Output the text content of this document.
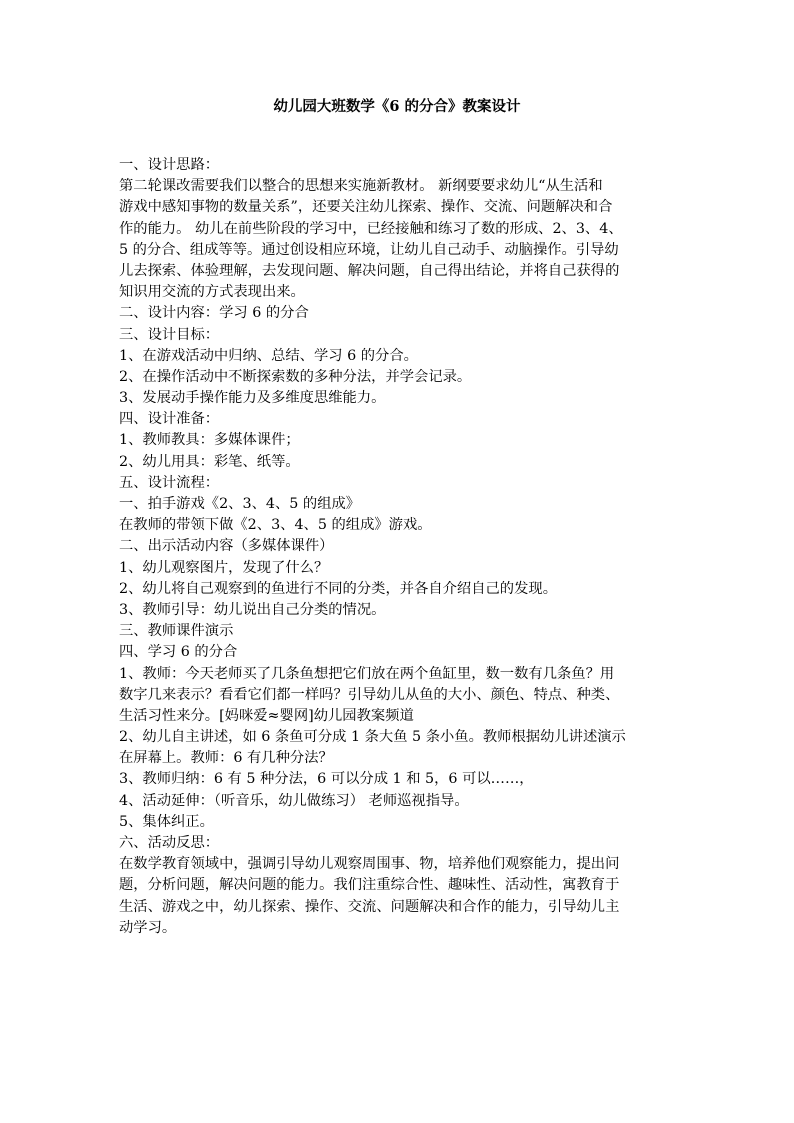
幼儿园大班数学《6 的分合》教案设计
一、设计思路：
第二轮课改需要我们以整合的思想来实施新教材。 新纲要要求幼儿“从生活和
游戏中感知事物的数量关系”，还要关注幼儿探索、操作、交流、问题解决和合
作的能力。 幼儿在前些阶段的学习中，已经接触和练习了数的形成、2、3、4、
5 的分合、组成等等。通过创设相应环境，让幼儿自己动手、动脑操作。引导幼
儿去探索、体验理解，去发现问题、解决问题，自己得出结论，并将自己获得的
知识用交流的方式表现出来。
二、设计内容：学习 6 的分合
三、设计目标：
1、在游戏活动中归纳、总结、学习 6 的分合。
2、在操作活动中不断探索数的多种分法，并学会记录。
3、发展动手操作能力及多维度思维能力。
四、设计准备：
1、教师教具：多媒体课件；
2、幼儿用具：彩笔、纸等。
五、设计流程：
一、拍手游戏《2、3、4、5 的组成》
在教师的带领下做《2、3、4、5 的组成》游戏。
二、出示活动内容（多媒体课件）
1、幼儿观察图片，发现了什么？
2、幼儿将自己观察到的鱼进行不同的分类，并各自介绍自己的发现。
3、教师引导：幼儿说出自己分类的情况。
三、教师课件演示
四、学习 6 的分合
1、教师：今天老师买了几条鱼想把它们放在两个鱼缸里，数一数有几条鱼？用
数字几来表示？看看它们都一样吗？引导幼儿从鱼的大小、颜色、特点、种类、
生活习性来分。[妈咪爱≈婴网]幼儿园教案频道
2、幼儿自主讲述，如 6 条鱼可分成 1 条大鱼 5 条小鱼。教师根据幼儿讲述演示
在屏幕上。教师：6 有几种分法？
3、教师归纳：6 有 5 种分法，6 可以分成 1 和 5，6 可以……，
4、活动延伸：（听音乐，幼儿做练习） 老师巡视指导。
5、集体纠正。
六、活动反思：
在数学教育领域中，强调引导幼儿观察周围事、物，培养他们观察能力，提出问
题，分析问题，解决问题的能力。我们注重综合性、趣味性、活动性，寓教育于
生活、游戏之中，幼儿探索、操作、交流、问题解决和合作的能力，引导幼儿主
动学习。
